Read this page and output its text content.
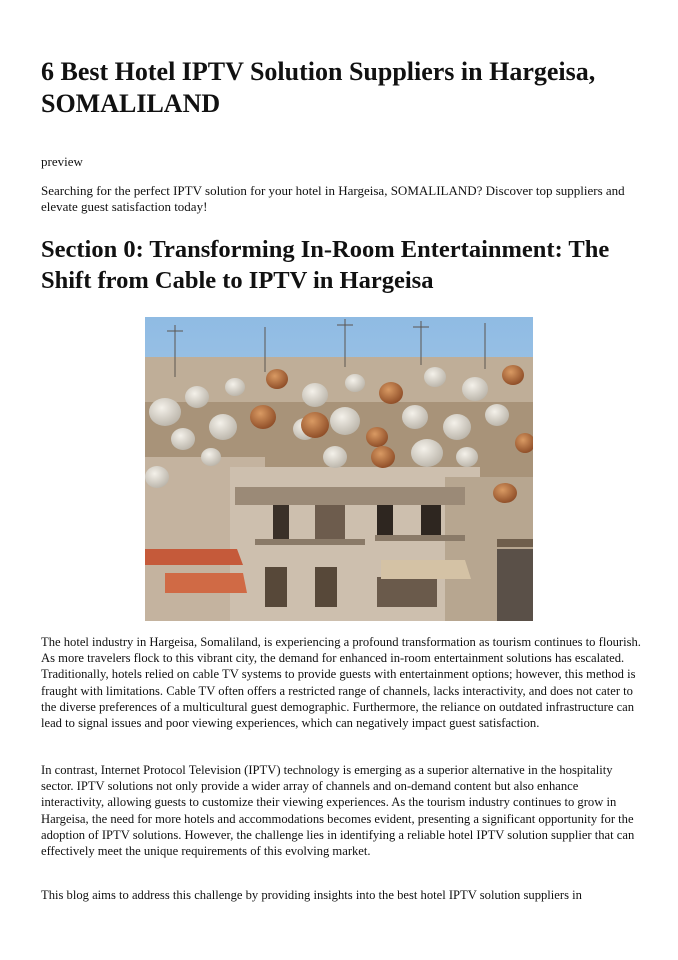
6 Best Hotel IPTV Solution Suppliers in Hargeisa, SOMALILAND

preview

Searching for the perfect IPTV solution for your hotel in Hargeisa, SOMALILAND? Discover top suppliers and elevate guest satisfaction today!

Section 0: Transforming In-Room Entertainment: The Shift from Cable to IPTV in Hargeisa

The hotel industry in Hargeisa, Somaliland, is experiencing a profound transformation as tourism continues to flourish. As more travelers flock to this vibrant city, the demand for enhanced in-room entertainment solutions has escalated. Traditionally, hotels relied on cable TV systems to provide guests with entertainment options; however, this method is fraught with limitations. Cable TV often offers a restricted range of channels, lacks interactivity, and does not cater to the diverse preferences of a multicultural guest demographic. Furthermore, the reliance on outdated infrastructure can lead to signal issues and poor viewing experiences, which can negatively impact guest satisfaction.

In contrast, Internet Protocol Television (IPTV) technology is emerging as a superior alternative in the hospitality sector. IPTV solutions not only provide a wider array of channels and on-demand content but also enhance interactivity, allowing guests to customize their viewing experiences. As the tourism industry continues to grow in Hargeisa, the need for more hotels and accommodations becomes evident, presenting a significant opportunity for the adoption of IPTV solutions. However, the challenge lies in identifying a reliable hotel IPTV solution supplier that can effectively meet the unique requirements of this evolving market.

This blog aims to address this challenge by providing insights into the best hotel IPTV solution suppliers in
